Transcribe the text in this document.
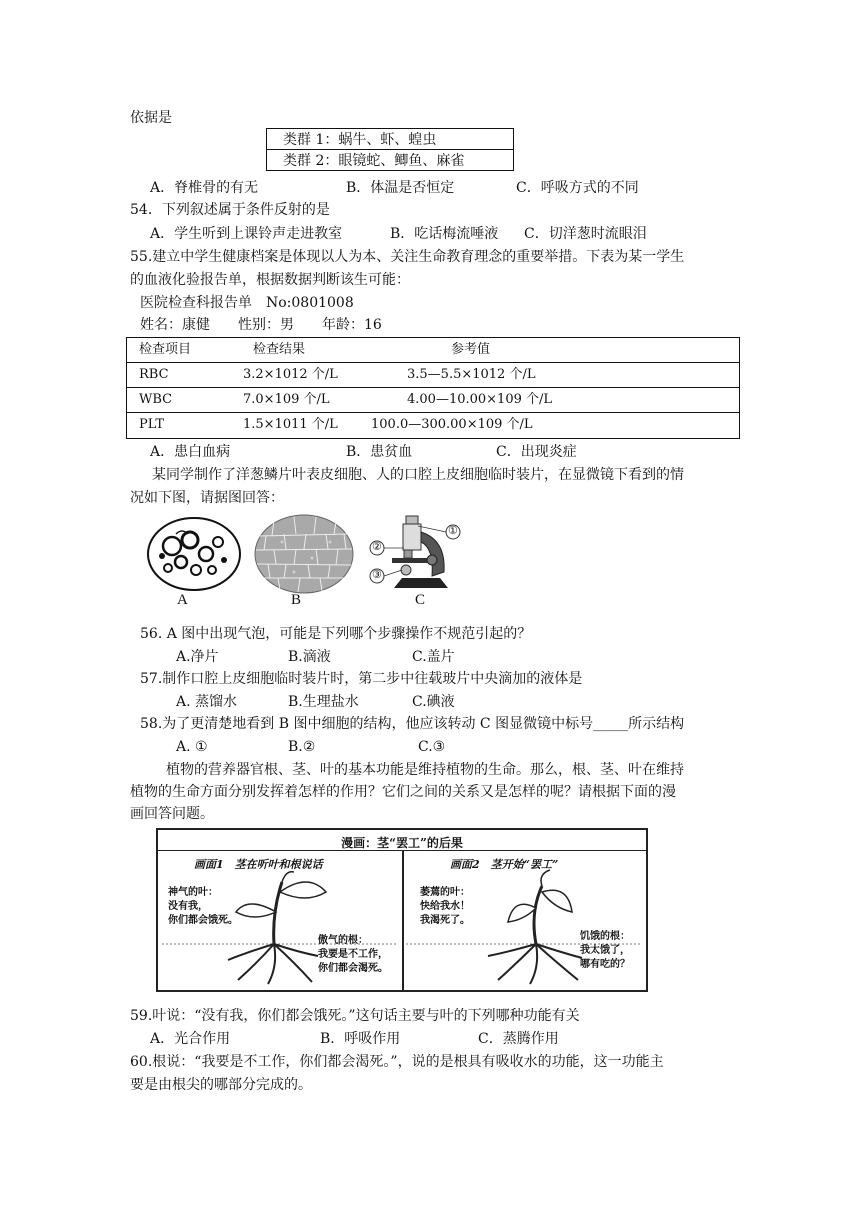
依据是
类群 1：蜗牛、虾、蝗虫
类群 2：眼镜蛇、鲫鱼、麻雀
A．脊椎骨的有无	B．体温是否恒定	C．呼吸方式的不同
54．下列叙述属于条件反射的是
A．学生听到上课铃声走进教室	B．吃话梅流唾液 C．切洋葱时流眼泪
55.建立中学生健康档案是体现以人为本、关注生命教育理念的重要举措。下表为某一学生
的血液化验报告单，根据数据判断该生可能：
医院检查科报告单　No:0801008
姓名：康健　　性别：男　　年龄：16
检查项目	检查结果	参考值
RBC	3.2×1012 个/L	3.5—5.5×1012 个/L
WBC	7.0×109 个/L	4.00—10.00×109 个/L
PLT	1.5×1011 个/L	100.0—300.00×109 个/L
A．患白血病	B．患贫血	C．出现炎症
某同学制作了洋葱鳞片叶表皮细胞、人的口腔上皮细胞临时装片，在显微镜下看到的情
况如下图，请据图回答：
A	B
①
②
③
C
56. A 图中出现气泡，可能是下列哪个步骤操作不规范引起的？
A.净片	B.滴液	C.盖片
57.制作口腔上皮细胞临时装片时，第二步中往载玻片中央滴加的液体是
A. 蒸馏水	B.生理盐水	C.碘液
58.为了更清楚地看到 B 图中细胞的结构，他应该转动 C 图显微镜中标号_____所示结构
A. ①	B.②	C.③
植物的营养器官根、茎、叶的基本功能是维持植物的生命。那么，根、茎、叶在维持
植物的生命方面分别发挥着怎样的作用？它们之间的关系又是怎样的呢？请根据下面的漫
画回答问题。
漫画：茎“罢工”的后果
画面1　茎在听叶和根说话	画面2　茎开始“罢工”
神气的叶：
没有我，
你们都会饿死。
傲气的根：
我要是不工作，
你们都会渴死。
萎蔫的叶：
快给我水！
我渴死了。
饥饿的根：
我太饿了，
哪有吃的？
59.叶说：“没有我，你们都会饿死。”这句话主要与叶的下列哪种功能有关
A．光合作用	B．呼吸作用	C．蒸腾作用
60.根说：“我要是不工作，你们都会渴死。”，说的是根具有吸收水的功能，这一功能主
要是由根尖的哪部分完成的。
